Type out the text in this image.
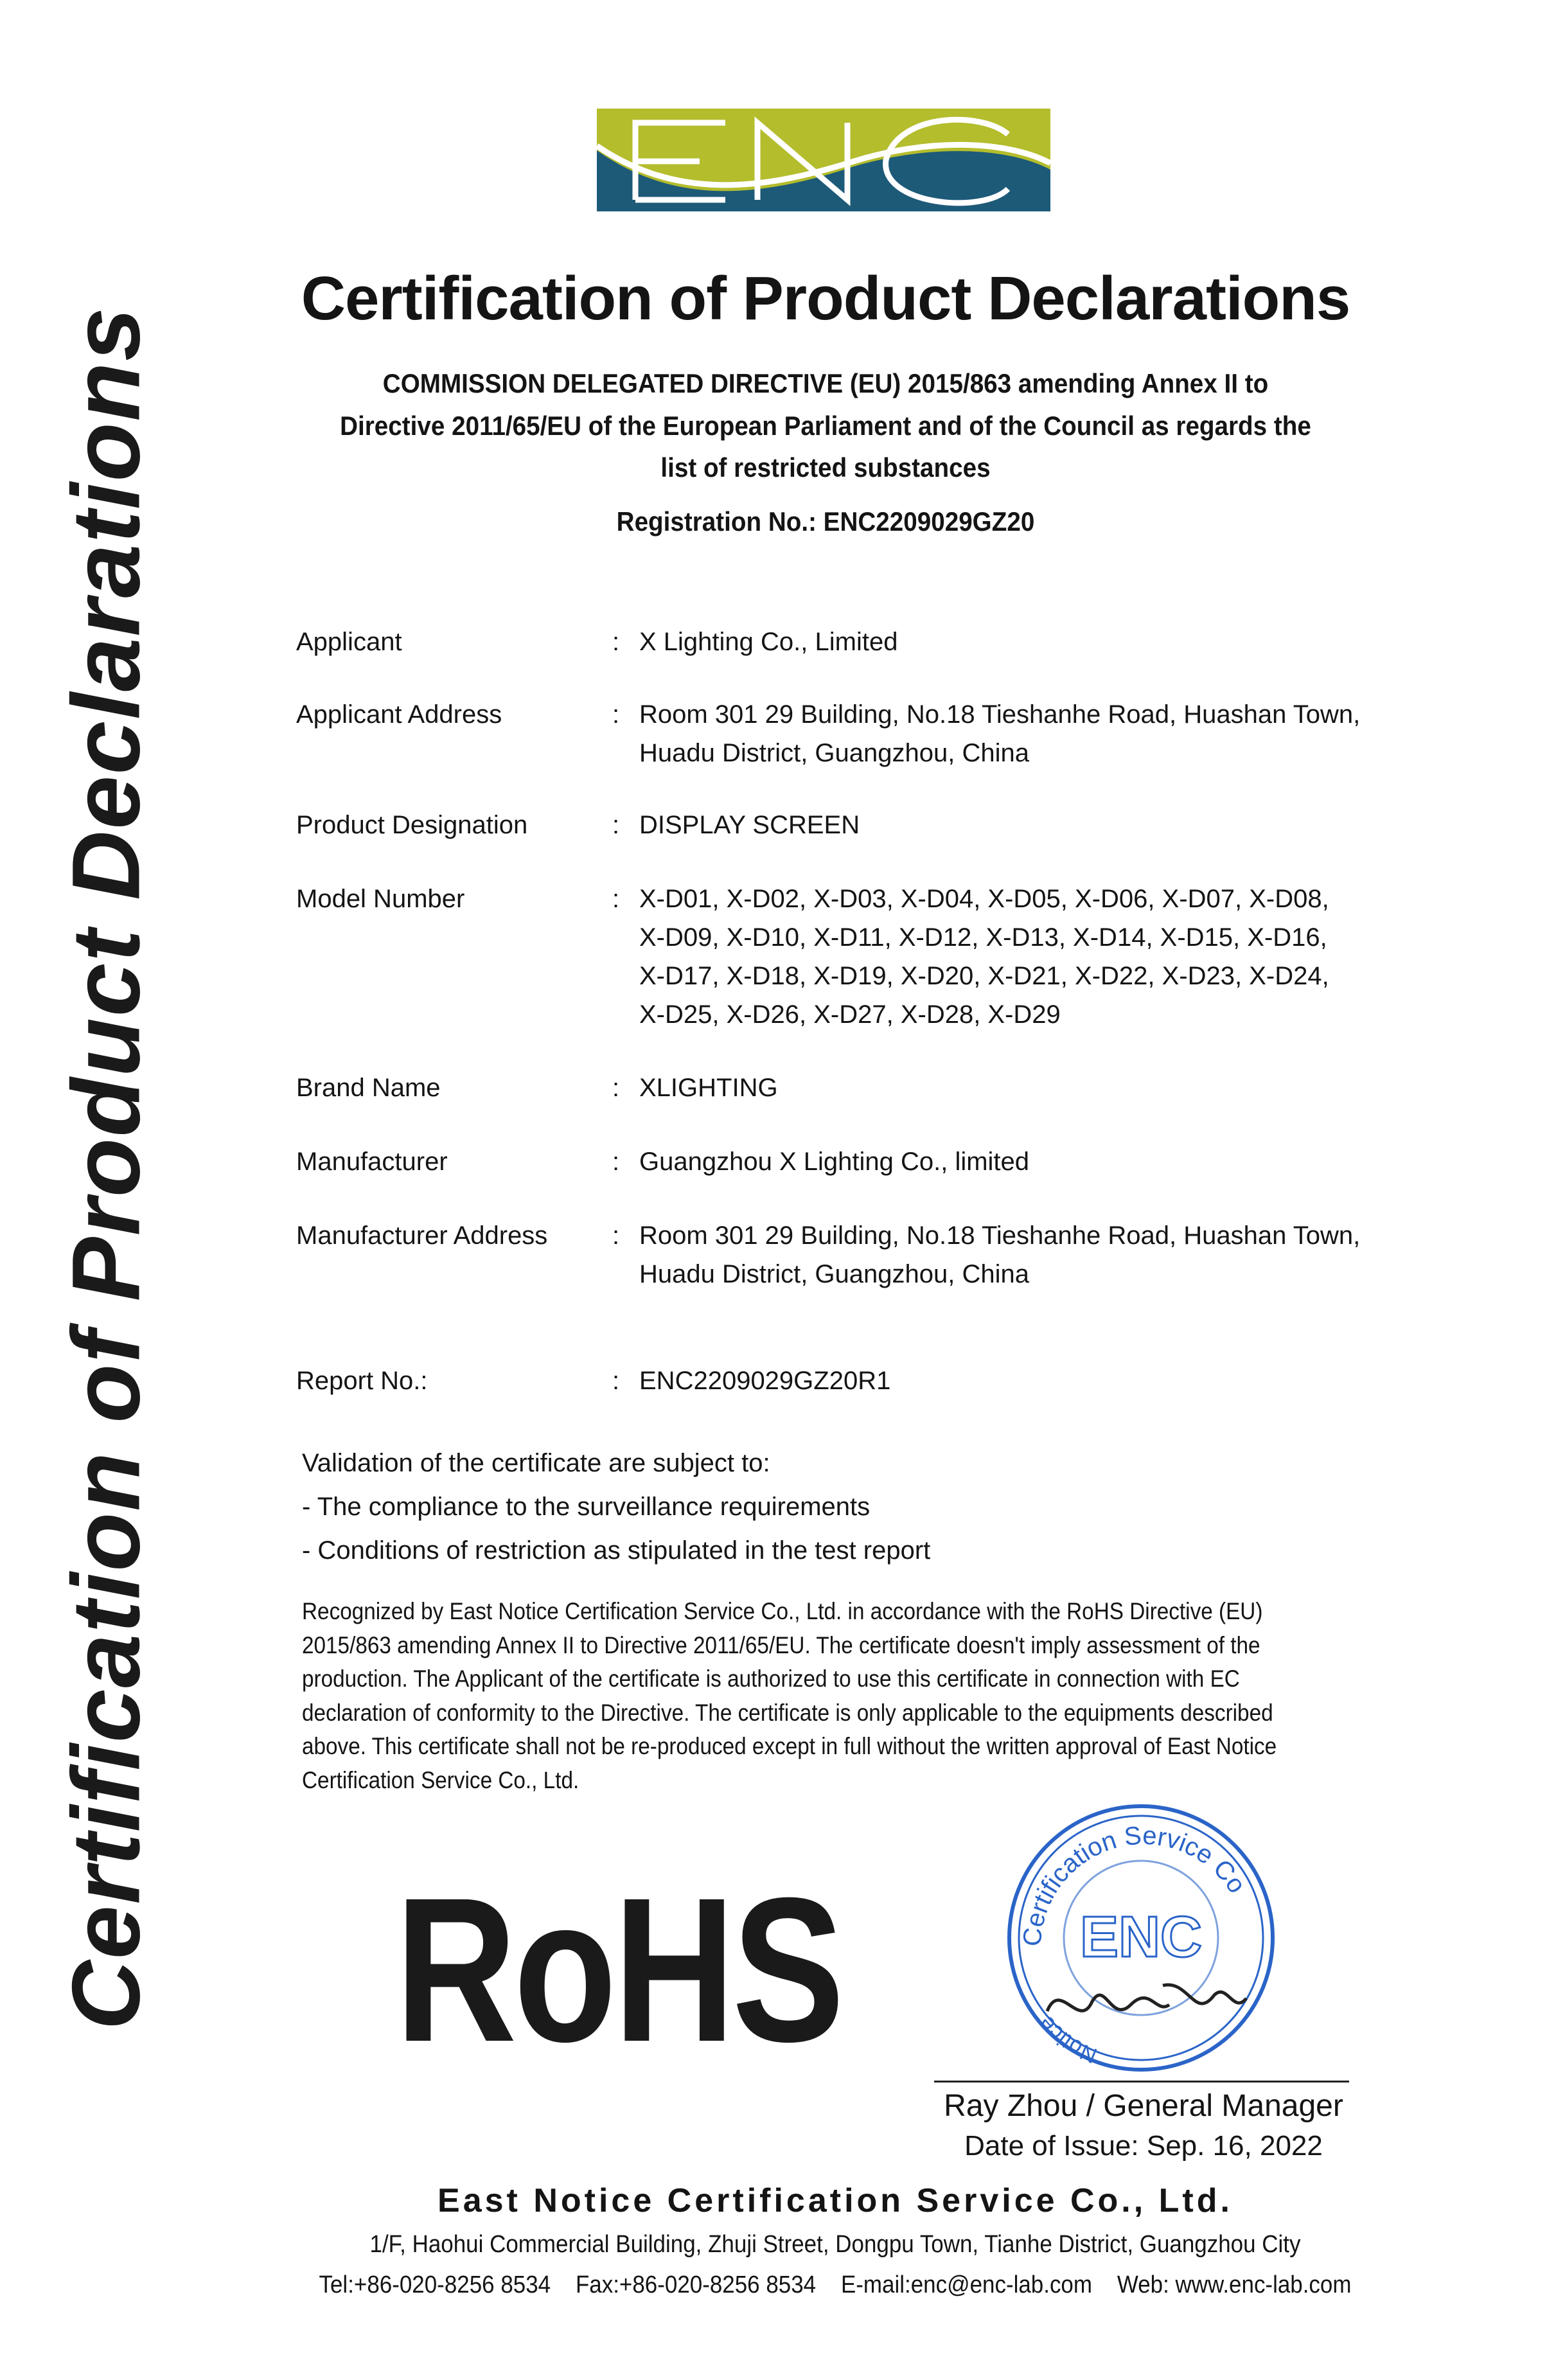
Certification of Product Declarations
Certification of Product Declarations
COMMISSION DELEGATED DIRECTIVE (EU) 2015/863 amending Annex II to
Directive 2011/65/EU of the European Parliament and of the Council as regards the
list of restricted substances
Registration No.: ENC2209029GZ20
Applicant	: X Lighting Co., Limited
Applicant Address	: Room 301 29 Building, No.18 Tieshanhe Road, Huashan Town,
Huadu District, Guangzhou, China
Product Designation	: DISPLAY SCREEN
Model Number	: X-D01, X-D02, X-D03, X-D04, X-D05, X-D06, X-D07, X-D08,
X-D09, X-D10, X-D11, X-D12, X-D13, X-D14, X-D15, X-D16,
X-D17, X-D18, X-D19, X-D20, X-D21, X-D22, X-D23, X-D24,
X-D25, X-D26, X-D27, X-D28, X-D29
Brand Name	: XLIGHTING
Manufacturer	: Guangzhou X Lighting Co., limited
Manufacturer Address	: Room 301 29 Building, No.18 Tieshanhe Road, Huashan Town,
Huadu District, Guangzhou, China
Report No.:	: ENC2209029GZ20R1
Validation of the certificate are subject to:
- The compliance to the surveillance requirements
- Conditions of restriction as stipulated in the test report
Recognized by East Notice Certification Service Co., Ltd. in accordance with the RoHS Directive (EU)
2015/863 amending Annex II to Directive 2011/65/EU. The certificate doesn't imply assessment of the
production. The Applicant of the certificate is authorized to use this certificate in connection with EC
declaration of conformity to the Directive. The certificate is only applicable to the equipments described
above. This certificate shall not be re-produced except in full without the written approval of East Notice
Certification Service Co., Ltd.
RoHS	Certification Service Co
Notice
ENC
Ray Zhou / General Manager
Date of Issue: Sep. 16, 2022
East Notice Certification Service Co., Ltd.
1/F, Haohui Commercial Building, Zhuji Street, Dongpu Town, Tianhe District, Guangzhou City
Tel:+86-020-8256 8534    Fax:+86-020-8256 8534    E-mail:enc@enc-lab.com    Web: www.enc-lab.com
